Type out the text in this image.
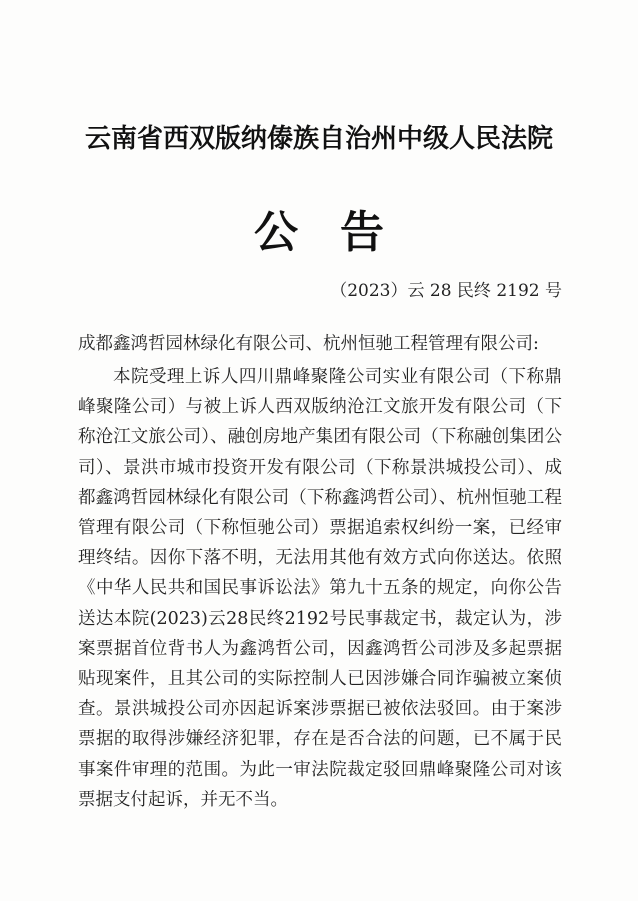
云南省西双版纳傣族自治州中级人民法院
公告
（2023）云 28 民终 2192 号
成都鑫鸿哲园林绿化有限公司、杭州恒驰工程管理有限公司:

本院受理上诉人四川鼎峰聚隆公司实业有限公司（下称鼎峰聚隆公司）与被上诉人西双版纳沧江文旅开发有限公司（下称沧江文旅公司）、融创房地产集团有限公司（下称融创集团公司）、景洪市城市投资开发有限公司（下称景洪城投公司）、成都鑫鸿哲园林绿化有限公司（下称鑫鸿哲公司）、杭州恒驰工程管理有限公司（下称恒驰公司）票据追索权纠纷一案，已经审理终结。因你下落不明，无法用其他有效方式向你送达。依照《中华人民共和国民事诉讼法》第九十五条的规定，向你公告送达本院(2023)云28民终2192号民事裁定书，裁定认为，涉案票据首位背书人为鑫鸿哲公司，因鑫鸿哲公司涉及多起票据贴现案件，且其公司的实际控制人已因涉嫌合同诈骗被立案侦查。景洪城投公司亦因起诉案涉票据已被依法驳回。由于案涉票据的取得涉嫌经济犯罪，存在是否合法的问题，已不属于民事案件审理的范围。为此一审法院裁定驳回鼎峰聚隆公司对该票据支付起诉，并无不当。
